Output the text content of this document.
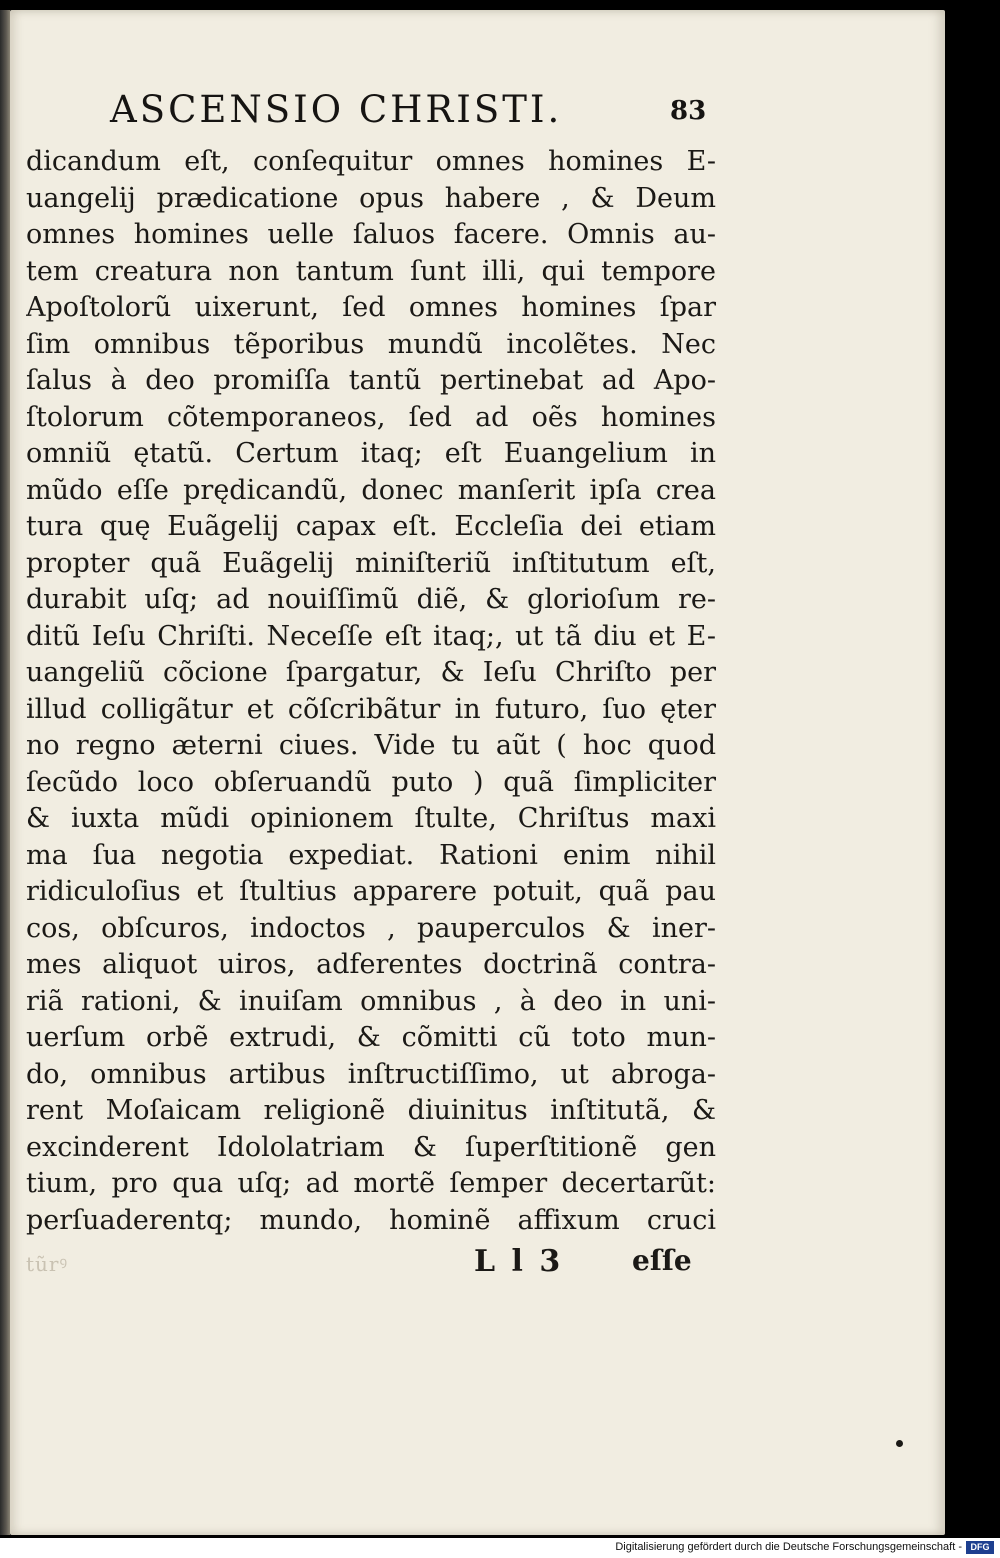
ASCENSIO CHRISTI.	83
dicandum eſt, conſequitur omnes homines E-
uangelij prædicatione opus habere , & Deum
omnes homines uelle ſaluos facere. Omnis au-
tem creatura non tantum ſunt illi, qui tempore
Apoſtolorũ uixerunt, ſed omnes homines ſpar
ſim omnibus tẽporibus mundũ incolẽtes. Nec
ſalus à deo promiſſa tantũ pertinebat ad Apo-
ſtolorum cõtemporaneos, ſed ad oẽs homines
omniũ ętatũ. Certum itaq; eſt Euangelium in
mũdo eſſe prędicandũ, donec manſerit ipſa crea
tura quę Euãgelij capax eſt. Eccleſia dei etiam
propter quã Euãgelij miniſteriũ inſtitutum eſt,
durabit uſq; ad nouiſſimũ diẽ, & glorioſum re-
ditũ Ieſu Chriſti. Neceſſe eſt itaq;, ut tã diu et E-
uangeliũ cõcione ſpargatur, & Ieſu Chriſto per
illud colligãtur et cõſcribãtur in futuro, ſuo ęter
no regno æterni ciues. Vide tu aũt ( hoc quod
ſecũdo loco obſeruandũ puto ) quã ſimpliciter
& iuxta mũdi opinionem ſtulte, Chriſtus maxi
ma ſua negotia expediat. Rationi enim nihil
ridiculoſius et ſtultius apparere potuit, quã pau
cos, obſcuros, indoctos , pauperculos & iner-
mes aliquot uiros, adferentes doctrinã contra-
riã rationi, & inuiſam omnibus , à deo in uni-
uerſum orbẽ extrudi, & cõmitti cũ toto mun-
do, omnibus artibus inſtructiſſimo, ut abroga-
rent Moſaicam religionẽ diuinitus inſtitutã, &
excinderent Idololatriam & ſuperſtitionẽ gen
tium, pro qua uſq; ad mortẽ ſemper decertarũt:
perſuaderentq; mundo, hominẽ affixum cruci
tũrꝰ	L l 3 eſſe
Digitalisierung gefördert durch die Deutsche Forschungsgemeinschaft - DFG
